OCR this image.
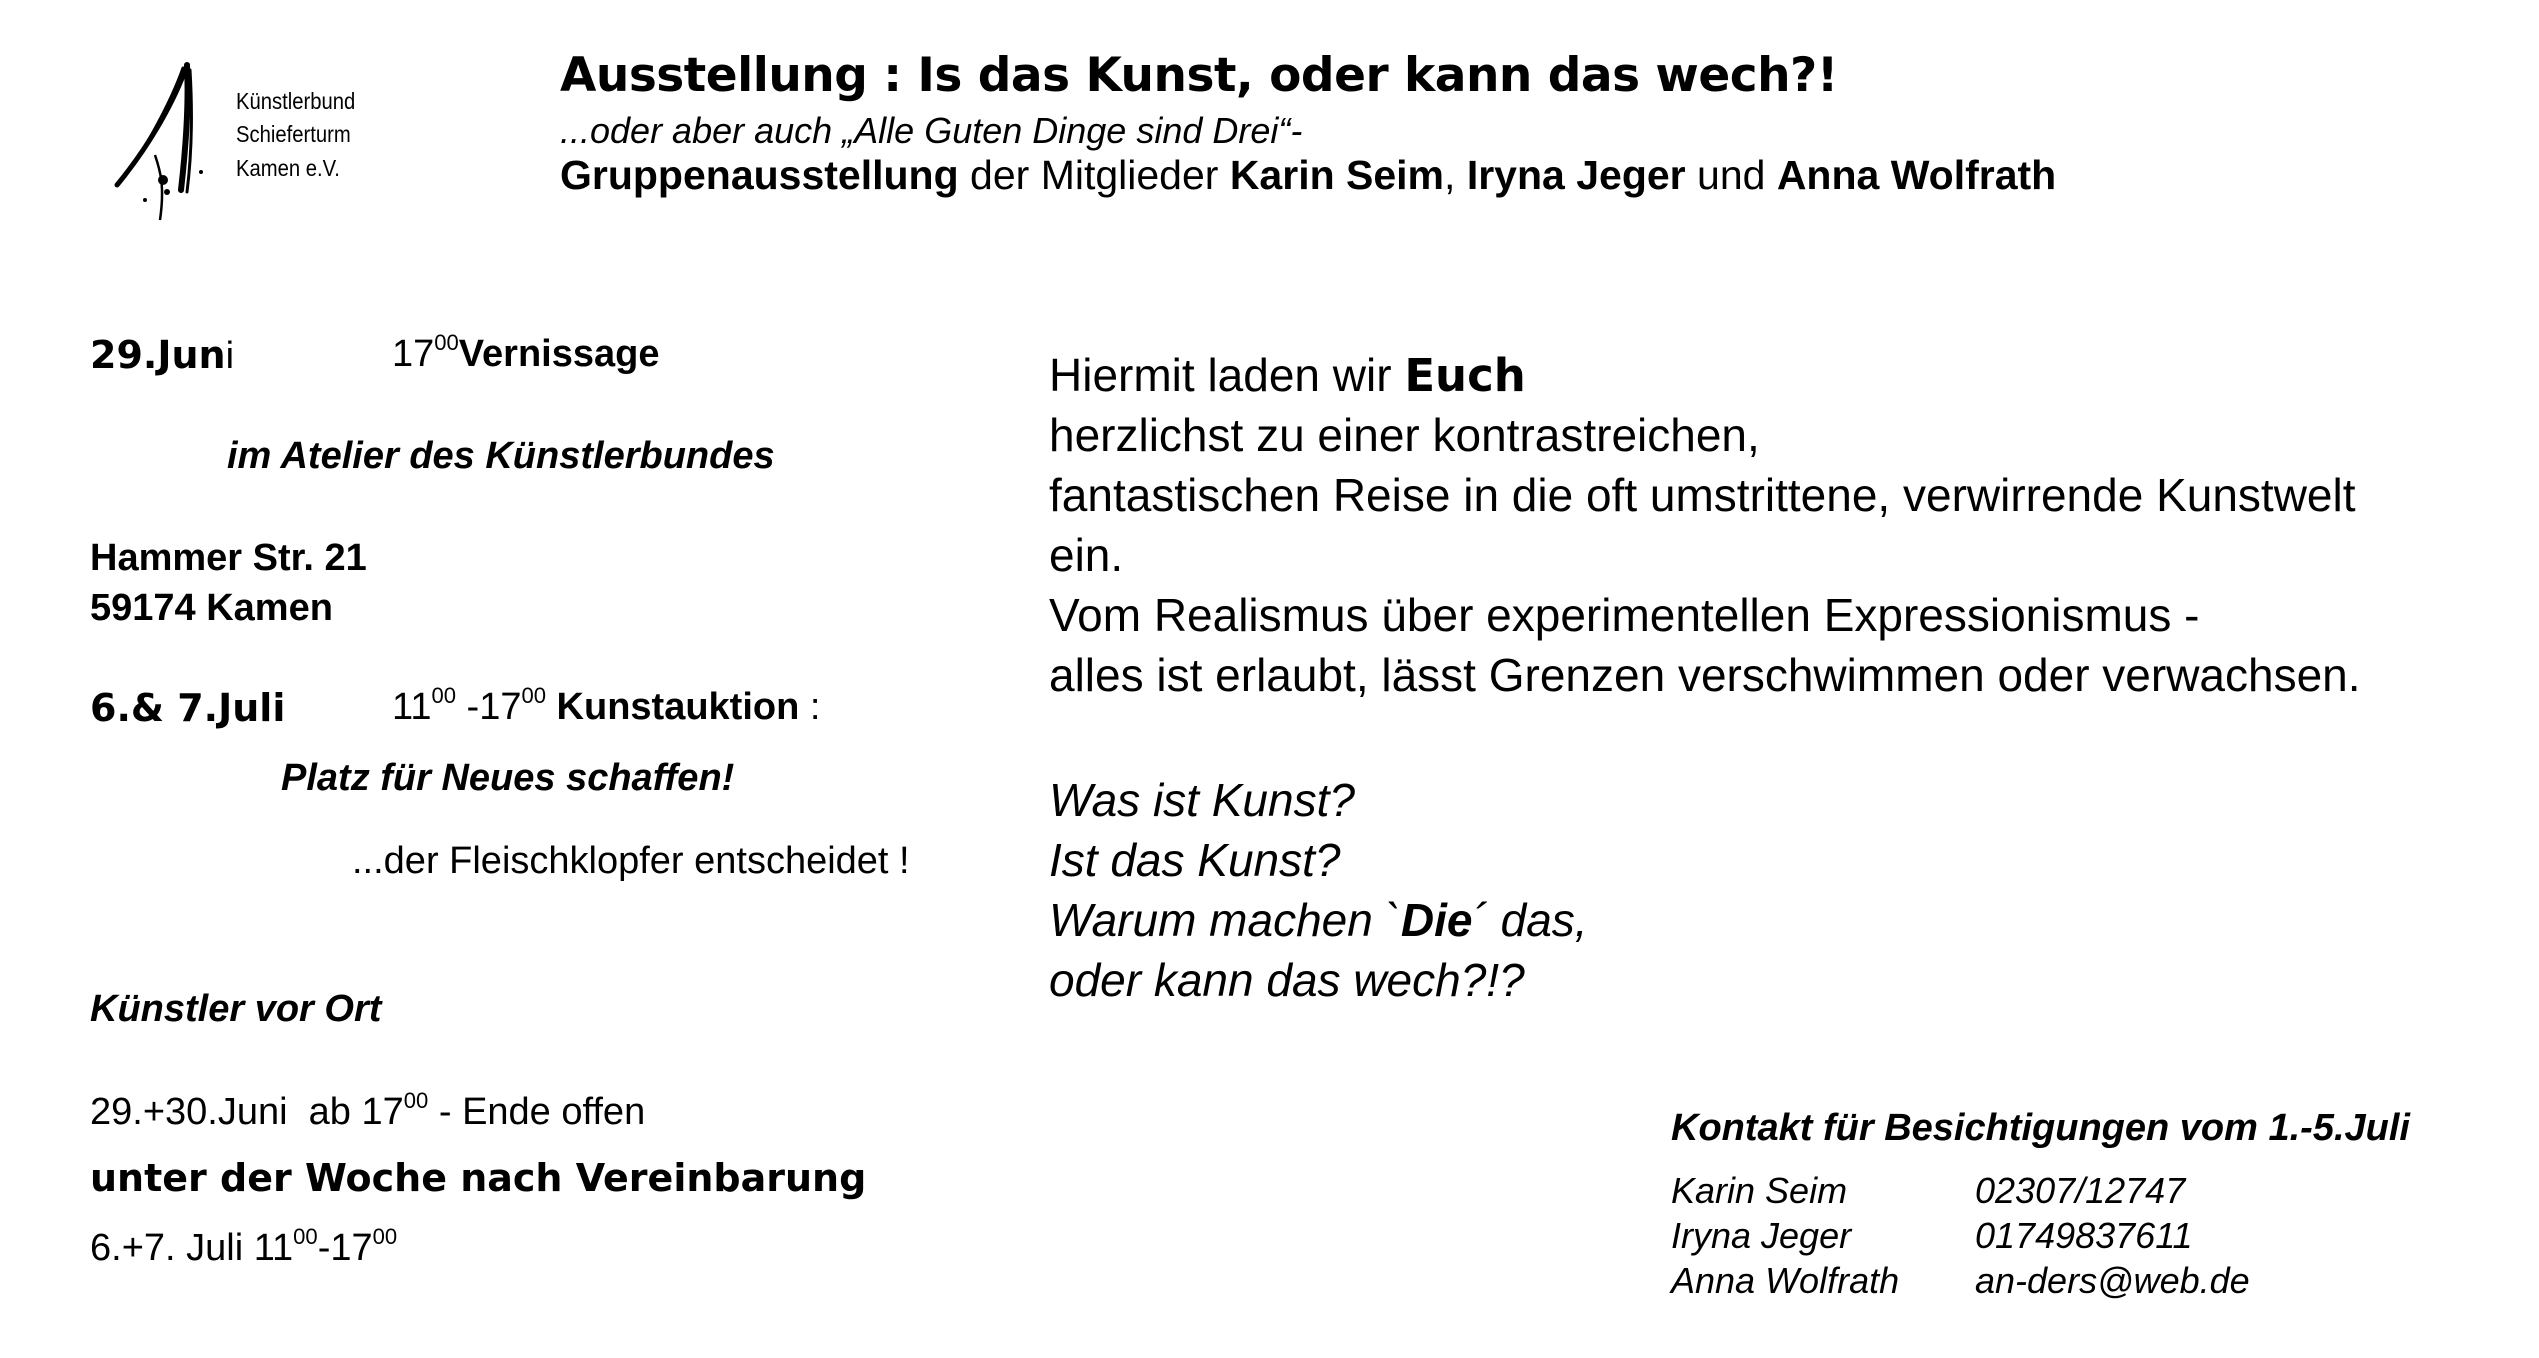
Künstlerbund
Schieferturm
Kamen e.V.
Ausstellung : Is das Kunst, oder kann das wech?!
...oder aber auch „Alle Guten Dinge sind Drei“-
Gruppenausstellung der Mitglieder Karin Seim, Iryna Jeger und Anna Wolfrath
29.Juni	$17^{00}Vernissage$
im Atelier des Künstlerbundes
Hammer Str. 21
59174 Kamen
6.& 7.Juli	$11^{00}$ $-17^{00}$ Kunstauktion :
Platz für Neues schaffen!
...der Fleischklopfer entscheidet !
Künstler vor Ort
29.+30.Juni  ab $17^{00}$ - Ende offen
unter der Woche nach Vereinbarung
6.+7. Juli $11^{00}-17^{00}$
Hiermit laden wir Euch
herzlichst zu einer kontrastreichen,
fantastischen Reise in die oft umstrittene, verwirrende Kunstwelt
ein.
Vom Realismus über experimentellen Expressionismus -
alles ist erlaubt, lässt Grenzen verschwimmen oder verwachsen.
Was ist Kunst?
Ist das Kunst?
Warum machen `Die´ das,
oder kann das wech?!?
Kontakt für Besichtigungen vom 1.-5.Juli
Karin Seim	02307/12747
Iryna Jeger	01749837611
Anna Wolfrath an-ders@web.de
